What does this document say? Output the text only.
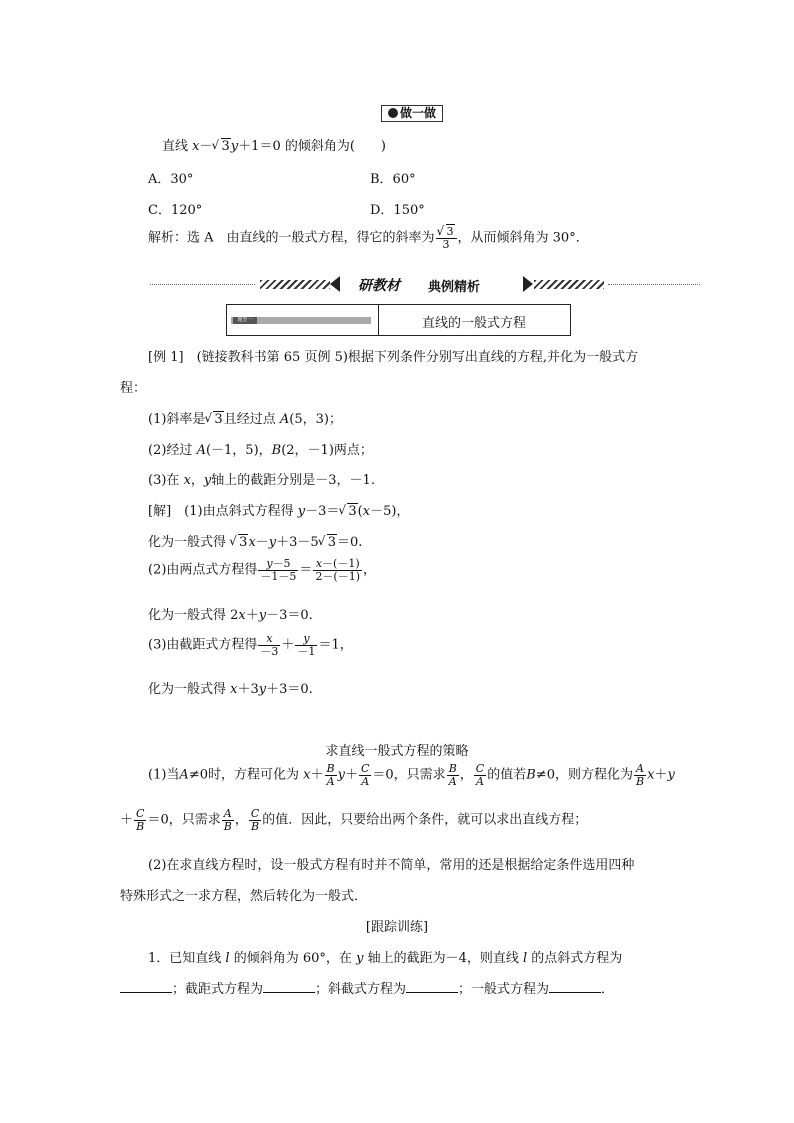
做一做
直线 x－ √ 3y＋1＝0 的倾斜角为(　　)
A．30°	B．60°
C．120°	D．150°
解析：选 A　由直线的一般式方程，得它的斜率为 √ $\frac{3}{3}$ ，从而倾斜角为 30°．
研教材 典例精析
题型一	直线的一般式方程
[例 1]　 (链接教科书第 65 页例 5)根据下列条件分别写出直线的方程,并化为一般式方
程：
(1)斜率是 √ 3且经过点 A(5，3)；
(2)经过 A(－1，5)，B(2，－1)两点；
(3)在 x，y轴上的截距分别是－3，－1.
[解]　 (1)由点斜式方程得 y－3＝ √ 3(x－5)，
化为一般式得 √ 3x－y＋3－5 √ 3＝0.
(2)由两点式方程得 $\frac{y-5}{-1-5} = \frac{x-(-1)}{2-(-1)}$ ，
化为一般式得 2x＋y－3＝0.
(3)由截距式方程得 $\frac{x}{-3} + \frac{y}{-1} =1$，
化为一般式得 x＋3y＋3＝0.
求直线一般式方程的策略
(1)当A≠0时，方程可化为 $x+ \frac{B}{A} y+ \frac{C}{A} =0$，只需求 $\frac{B}{A}$ ， $\frac{C}{A}$ 的值若B≠0，则方程化为 $\frac{A}{B} x+y$
＋ $\frac{C}{B} =0$，只需求 $\frac{A}{B}$ ， $\frac{C}{B}$ 的值．因此，只要给出两个条件，就可以求出直线方程；
(2)在求直线方程时，设一般式方程有时并不简单，常用的还是根据给定条件选用四种
特殊形式之一求方程，然后转化为一般式．
[跟踪训练]
1．已知直线 l 的倾斜角为 60°，在 y 轴上的截距为－4，则直线 l 的点斜式方程为
；截距式方程为	；斜截式方程为	；一般式方程为	．
